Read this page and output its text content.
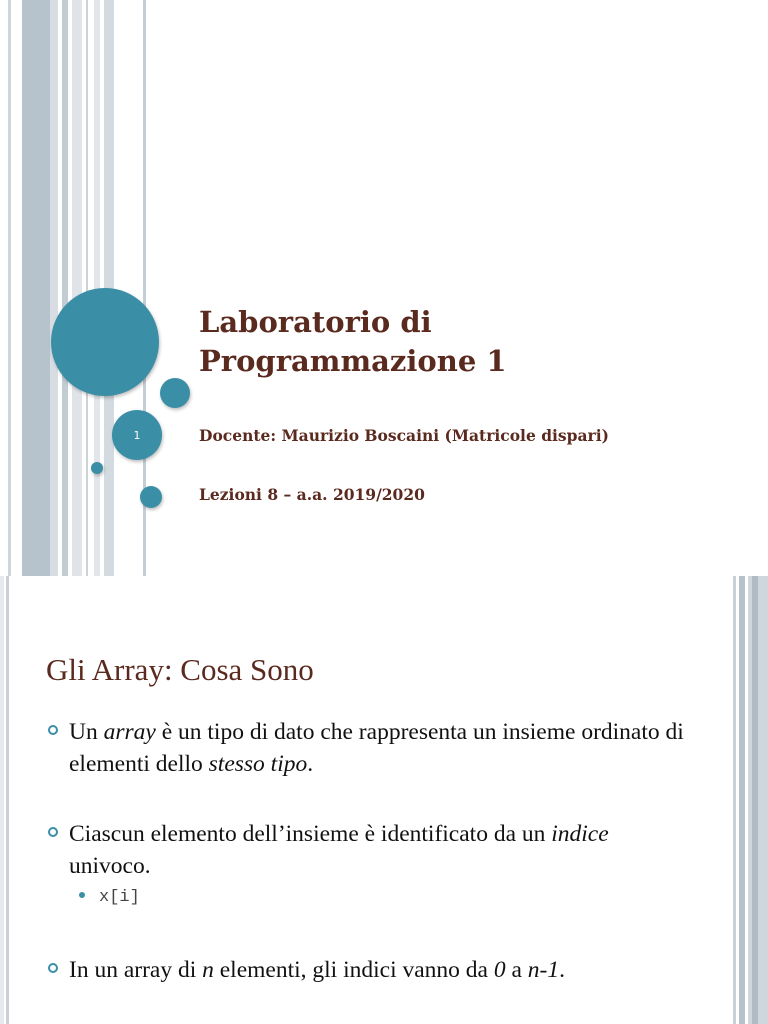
1
Laboratorio di
Programmazione 1

Docente: Maurizio Boscaini (Matricole dispari)

Lezioni 8 – a.a. 2019/2020

Gli Array: Cosa Sono
Un array è un tipo di dato che rappresenta un insieme ordinato di elementi dello stesso tipo.
Ciascun elemento dell’insieme è identificato da un indice univoco.

x[i]

In un array di n elementi, gli indici vanno da 0 a n-1.
